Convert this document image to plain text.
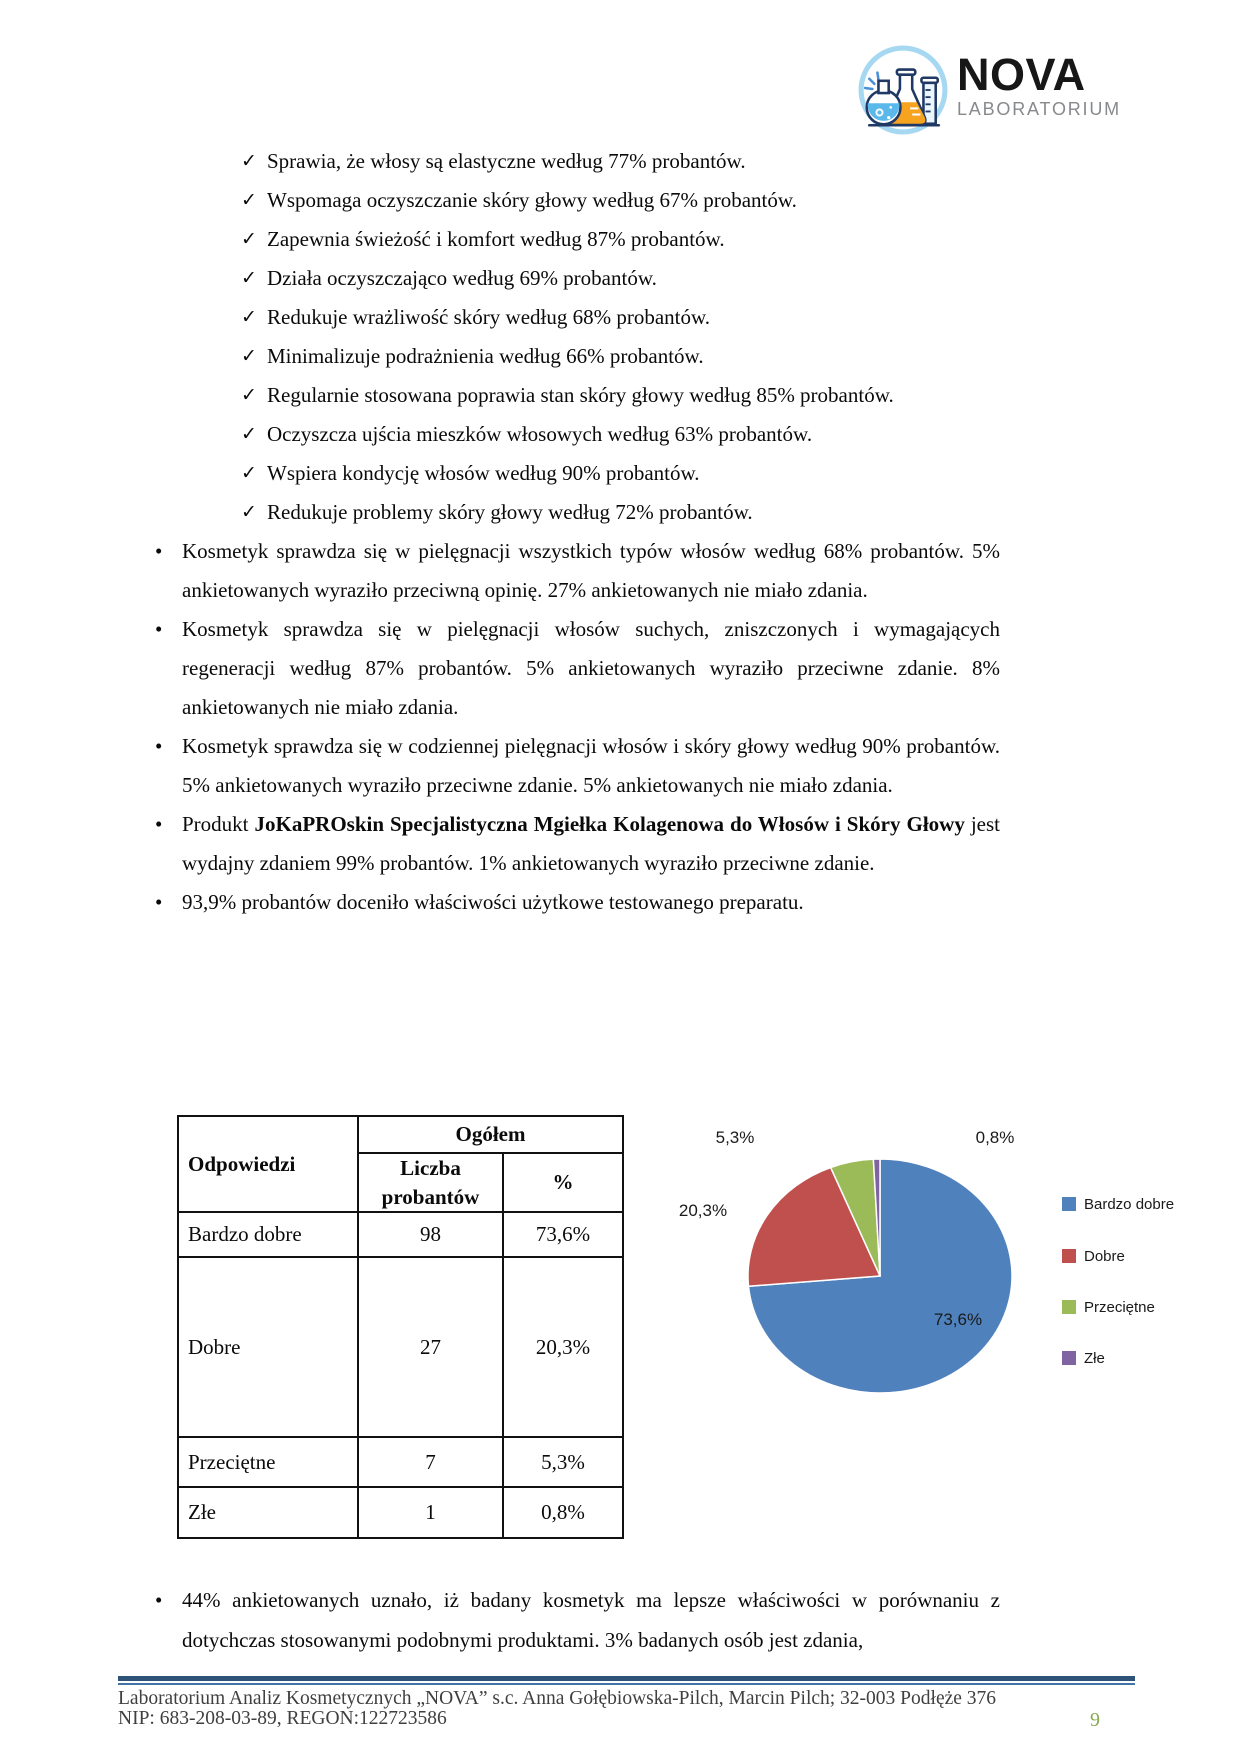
NOVA
LABORATORIUM
✓ Sprawia, że włosy są elastyczne według 77% probantów.
✓ Wspomaga oczyszczanie skóry głowy według 67% probantów.
✓ Zapewnia świeżość i komfort według 87% probantów.
✓ Działa oczyszczająco według 69% probantów.
✓ Redukuje wrażliwość skóry według 68% probantów.
✓ Minimalizuje podrażnienia według 66% probantów.
✓ Regularnie stosowana poprawia stan skóry głowy według 85% probantów.
✓ Oczyszcza ujścia mieszków włosowych według 63% probantów.
✓ Wspiera kondycję włosów według 90% probantów.
✓ Redukuje problemy skóry głowy według 72% probantów.
• Kosmetyk sprawdza się w pielęgnacji wszystkich typów włosów według 68% probantów. 5% ankietowanych wyraziło przeciwną opinię. 27% ankietowanych nie miało zdania.
• Kosmetyk sprawdza się w pielęgnacji włosów suchych, zniszczonych i wymagających regeneracji według 87% probantów. 5% ankietowanych wyraziło przeciwne zdanie. 8% ankietowanych nie miało zdania.
• Kosmetyk sprawdza się w codziennej pielęgnacji włosów i skóry głowy według 90% probantów. 5% ankietowanych wyraziło przeciwne zdanie. 5% ankietowanych nie miało zdania.
• Produkt JoKaPROskin Specjalistyczna Mgiełka Kolagenowa do Włosów i Skóry Głowy jest wydajny zdaniem 99% probantów. 1% ankietowanych wyraziło przeciwne zdanie.
• 93,9% probantów doceniło właściwości użytkowe testowanego preparatu.
Odpowiedzi	Ogółem	
	Liczba probantów	%
Bardzo dobre	98	73,6%
Dobre	27	20,3%
Przeciętne	7	5,3%
Złe	1	0,8%
73,6%
20,3%
5,3%	0,8%
Bardzo dobre
Dobre
Przeciętne
Złe
• 44% ankietowanych uznało, iż badany kosmetyk ma lepsze właściwości w porównaniu z dotychczas stosowanymi podobnymi produktami. 3% badanych osób jest zdania,
Laboratorium Analiz Kosmetycznych „NOVA” s.c. Anna Gołębiowska-Pilch, Marcin Pilch; 32-003 Podłęże 376
NIP: 683-208-03-89, REGON:122723586	9
